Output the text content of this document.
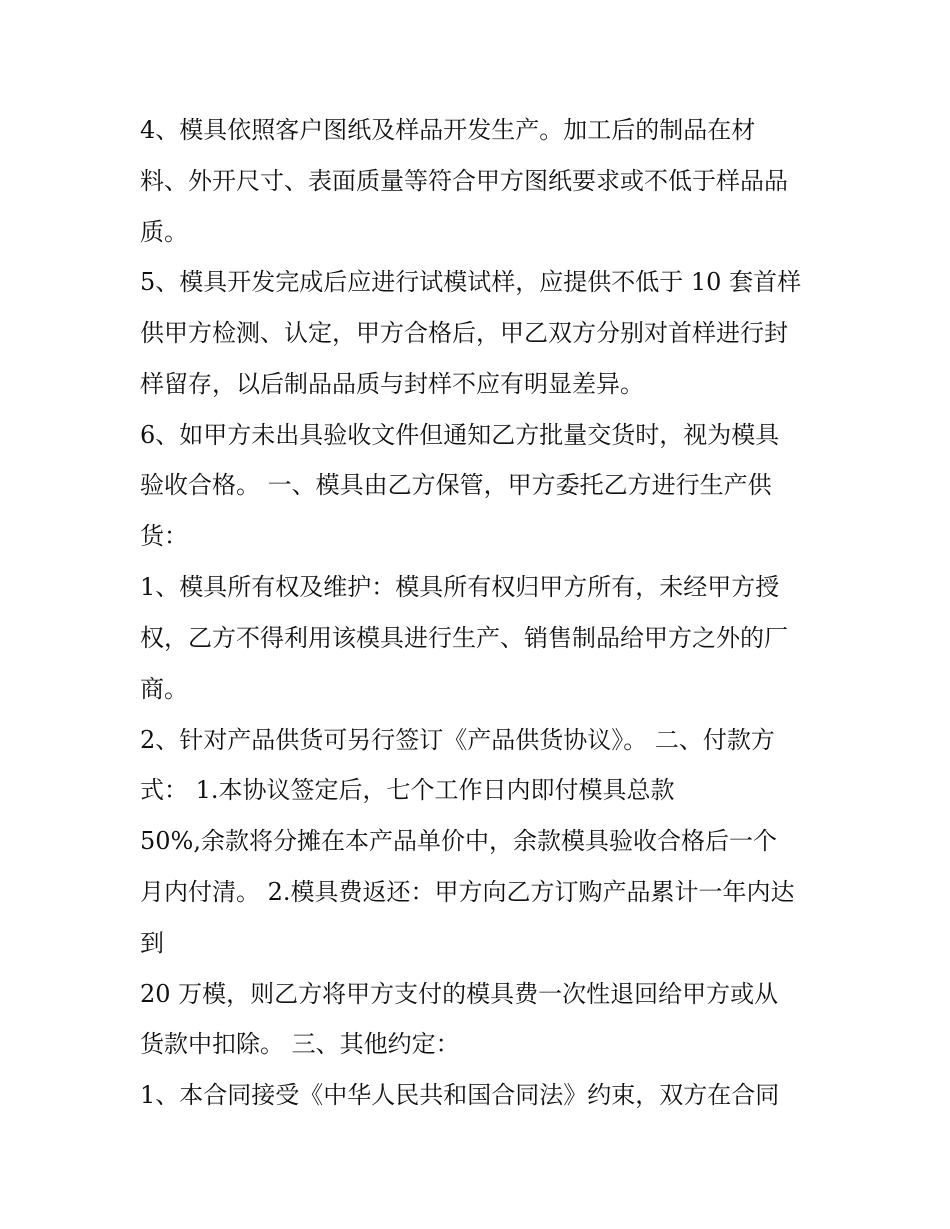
4、模具依照客户图纸及样品开发生产。加工后的制品在材
料、外开尺寸、表面质量等符合甲方图纸要求或不低于样品品
质。
5、模具开发完成后应进行试模试样，应提供不低于 10 套首样
供甲方检测、认定，甲方合格后，甲乙双方分别对首样进行封
样留存，以后制品品质与封样不应有明显差异。
6、如甲方未出具验收文件但通知乙方批量交货时，视为模具
验收合格。 一、模具由乙方保管，甲方委托乙方进行生产供
货：
1、模具所有权及维护：模具所有权归甲方所有，未经甲方授
权，乙方不得利用该模具进行生产、销售制品给甲方之外的厂
商。
2、针对产品供货可另行签订《产品供货协议》。 二、付款方
式： 1.本协议签定后，七个工作日内即付模具总款
50%,余款将分摊在本产品单价中，余款模具验收合格后一个
月内付清。 2.模具费返还：甲方向乙方订购产品累计一年内达
到
20 万模，则乙方将甲方支付的模具费一次性退回给甲方或从
货款中扣除。 三、其他约定：
1、本合同接受《中华人民共和国合同法》约束，双方在合同
